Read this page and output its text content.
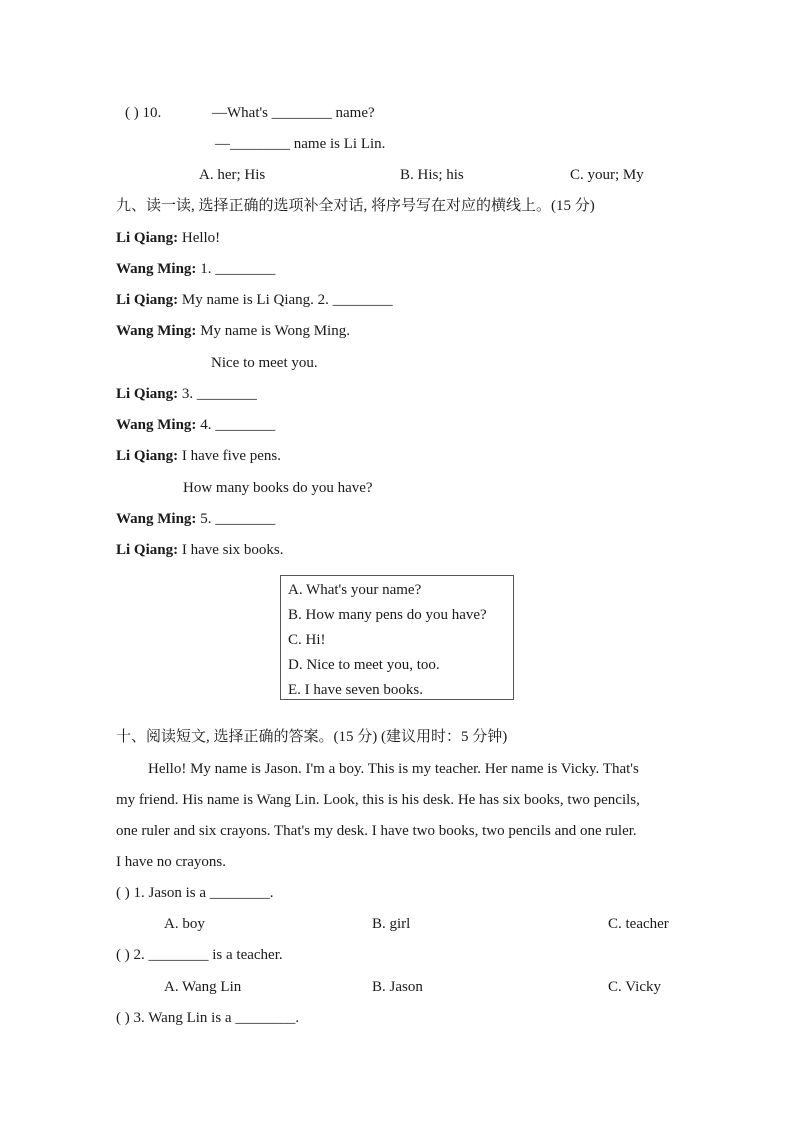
( ) 10.	—What's ________ name?
—________ name is Li Lin.
A. her; His	B. His; his	C. your; My
九、读一读, 选择正确的选项补全对话, 将序号写在对应的横线上。(15 分)
Li Qiang: Hello!
Wang Ming: 1. ________
Li Qiang: My name is Li Qiang. 2. ________
Wang Ming: My name is Wong Ming.
Nice to meet you.
Li Qiang: 3. ________
Wang Ming: 4. ________
Li Qiang: I have five pens.
How many books do you have?
Wang Ming: 5. ________
Li Qiang: I have six books.
A. What's your name?
B. How many pens do you have?
C. Hi!
D. Nice to meet you, too.
E. I have seven books.
十、阅读短文, 选择正确的答案。(15 分) (建议用时：5 分钟)
Hello! My name is Jason. I'm a boy. This is my teacher. Her name is Vicky. That's
my friend. His name is Wang Lin. Look, this is his desk. He has six books, two pencils,
one ruler and six crayons. That's my desk. I have two books, two pencils and one ruler.
I have no crayons.
( ) 1. Jason is a ________.
A. boy	B. girl	C. teacher
( ) 2. ________ is a teacher.
A. Wang Lin	B. Jason	C. Vicky
( ) 3. Wang Lin is a ________.
